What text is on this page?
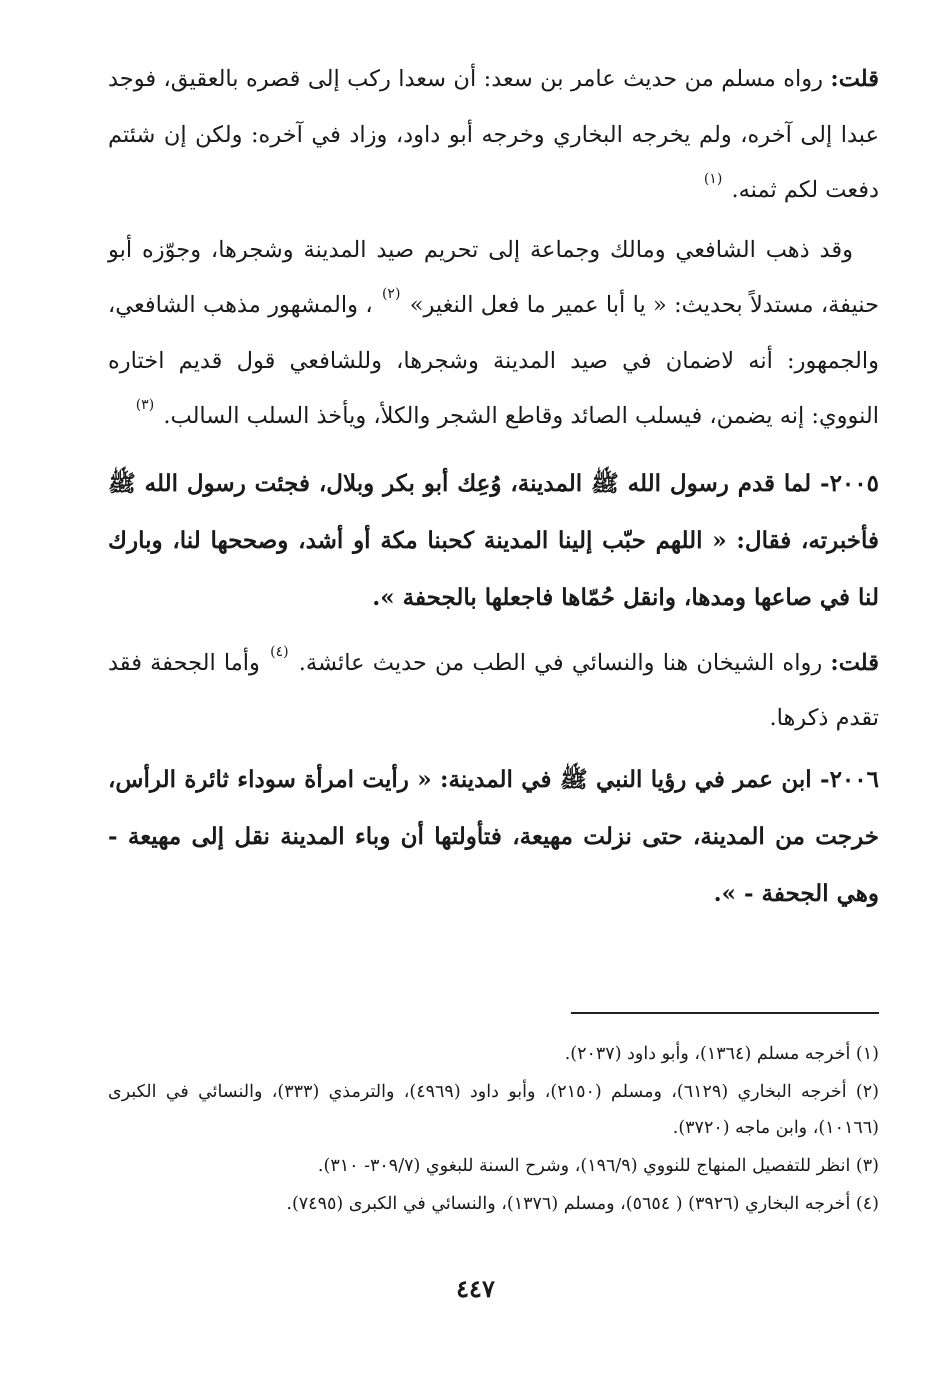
قلت: رواه مسلم من حديث عامر بن سعد: أن سعدا ركب إلى قصره بالعقيق، فوجد عبدا إلى آخره، ولم يخرجه البخاري وخرجه أبو داود، وزاد في آخره: ولكن إن شئتم دفعت لكم ثمنه. $^{(١)}$

وقد ذهب الشافعي ومالك وجماعة إلى تحريم صيد المدينة وشجرها، وجوّزه أبو حنيفة، مستدلاً بحديث: « يا أبا عمير ما فعل النغير» $^{(٢)}$ ، والمشهور مذهب الشافعي، والجمهور: أنه لاضمان في صيد المدينة وشجرها، وللشافعي قول قديم اختاره النووي: إنه يضمن، فيسلب الصائد وقاطع الشجر والكلأ، ويأخذ السلب السالب. $^{(٣)}$

٢٠٠٥- لما قدم رسول الله ﷺ المدينة، وُعِك أبو بكر وبلال، فجئت رسول الله ﷺ فأخبرته، فقال: « اللهم حبّب إلينا المدينة كحبنا مكة أو أشد، وصححها لنا، وبارك لنا في صاعها ومدها، وانقل حُمّاها فاجعلها بالجحفة ».

قلت: رواه الشيخان هنا والنسائي في الطب من حديث عائشة. $^{(٤)}$ وأما الجحفة فقد تقدم ذكرها.

٢٠٠٦- ابن عمر في رؤيا النبي ﷺ في المدينة: « رأيت امرأة سوداء ثائرة الرأس، خرجت من المدينة، حتى نزلت مهيعة، فتأولتها أن وباء المدينة نقل إلى مهيعة - وهي الجحفة - ».

(١) أخرجه مسلم (١٣٦٤)، وأبو داود (٢٠٣٧).

(٢) أخرجه البخاري (٦١٢٩)، ومسلم (٢١٥٠)، وأبو داود (٤٩٦٩)، والترمذي (٣٣٣)، والنسائي في الكبرى (١٠١٦٦)، وابن ماجه (٣٧٢٠).

(٣) انظر للتفصيل المنهاج للنووي (١٩٦/٩)، وشرح السنة للبغوي (٣٠٩/٧- ٣١٠).

(٤) أخرجه البخاري (٣٩٢٦) ( ٥٦٥٤)، ومسلم (١٣٧٦)، والنسائي في الكبرى (٧٤٩٥).

٤٤٧
